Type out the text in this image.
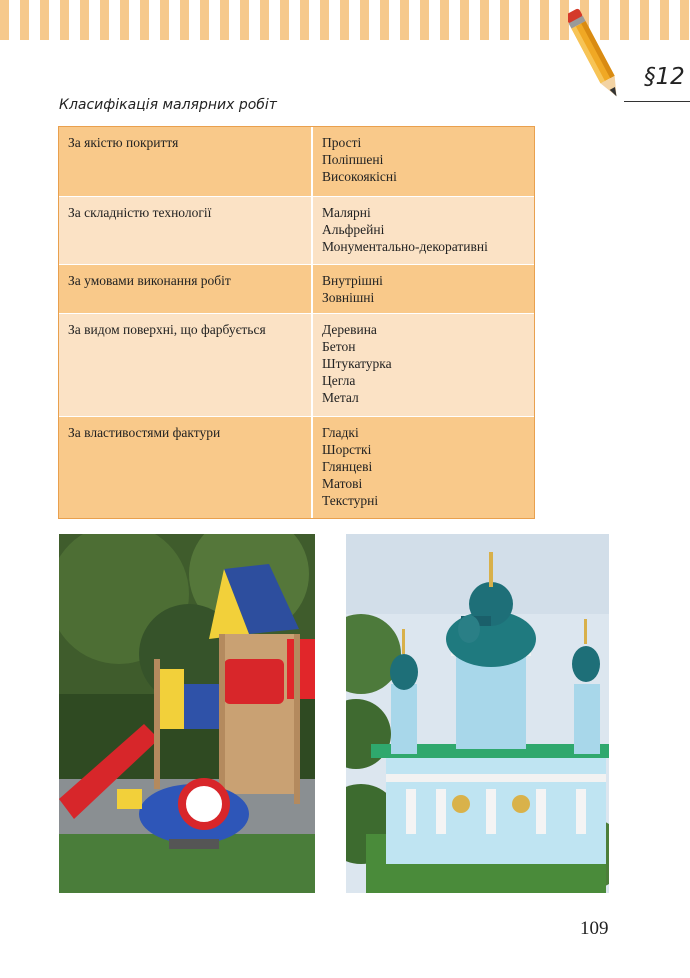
§12
Класифікація малярних робіт
За якістю покриття	Прості
Поліпшені
Високоякісні
За складністю технології	Малярні
Альфрейні
Монументально-декоративні
За умовами виконання робіт	Внутрішні
Зовнішні
За видом поверхні, що фарбується	Деревина
Бетон
Штукатурка
Цегла
Метал
За властивостями фактури	Гладкі
Шорсткі
Глянцеві
Матові
Текстурні
109
